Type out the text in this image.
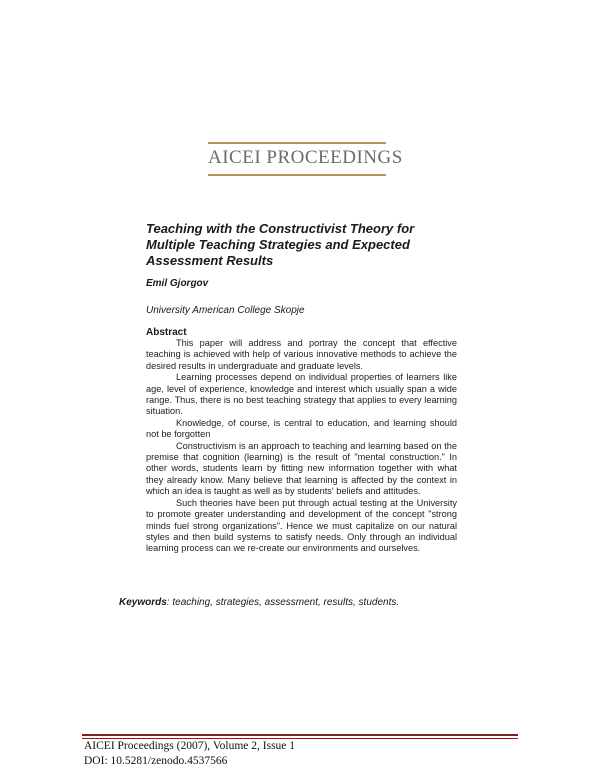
AICEI PROCEEDINGS
Teaching with the Constructivist Theory for Multiple Teaching Strategies and Expected Assessment Results
Emil Gjorgov
University American College Skopje
Abstract

This paper will address and portray the concept that effective teaching is achieved with help of various innovative methods to achieve the desired results in undergraduate and graduate levels.

Learning processes depend on individual properties of learners like age, level of experience, knowledge and interest which usually span a wide range. Thus, there is no best teaching strategy that applies to every learning situation.

Knowledge, of course, is central to education, and learning should not be forgotten

Constructivism is an approach to teaching and learning based on the premise that cognition (learning) is the result of "mental construction." In other words, students learn by fitting new information together with what they already know. Many believe that learning is affected by the context in which an idea is taught as well as by students' beliefs and attitudes.

Such theories have been put through actual testing at the University to promote greater understanding and development of the concept "strong minds fuel strong organizations". Hence we must capitalize on our natural styles and then build systems to satisfy needs. Only through an individual learning process can we re-create our environments and ourselves.

Keywords: teaching, strategies, assessment, results, students.
AICEI Proceedings (2007), Volume 2, Issue 1
DOI: 10.5281/zenodo.4537566
